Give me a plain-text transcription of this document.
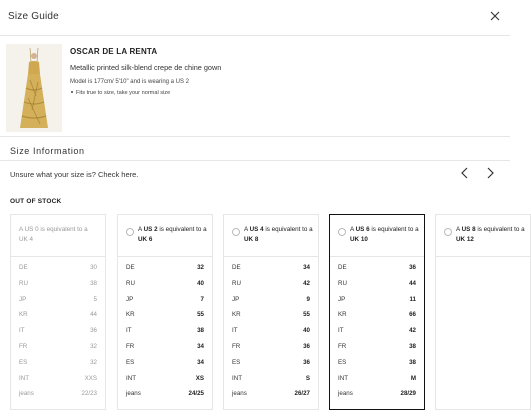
Size Guide
OSCAR DE LA RENTA
Metallic printed silk-blend crepe de chine gown
Model is 177cm/ 5'10" and is wearing a US 2
Fits true to size, take your normal size
Size Information
Unsure what your size is? Check here.
OUT OF STOCK
A US 0 is equivalent to a UK 4
DE	30
RU	38
JP	5
KR	44
IT	36
FR	32
ES	32
INT	XXS
jeans	22/23
A US 2 is equivalent to a UK 6
DE	32
RU	40
JP	7
KR	55
IT	38
FR	34
ES	34
INT	XS
jeans	24/25
A US 4 is equivalent to a UK 8
DE	34
RU	42
JP	9
KR	55
IT	40
FR	36
ES	36
INT	S
jeans	26/27
A US 6 is equivalent to a UK 10
DE	36
RU	44
JP	11
KR	66
IT	42
FR	38
ES	38
INT	M
jeans	28/29
A US 8 is equivalent to a UK 12
